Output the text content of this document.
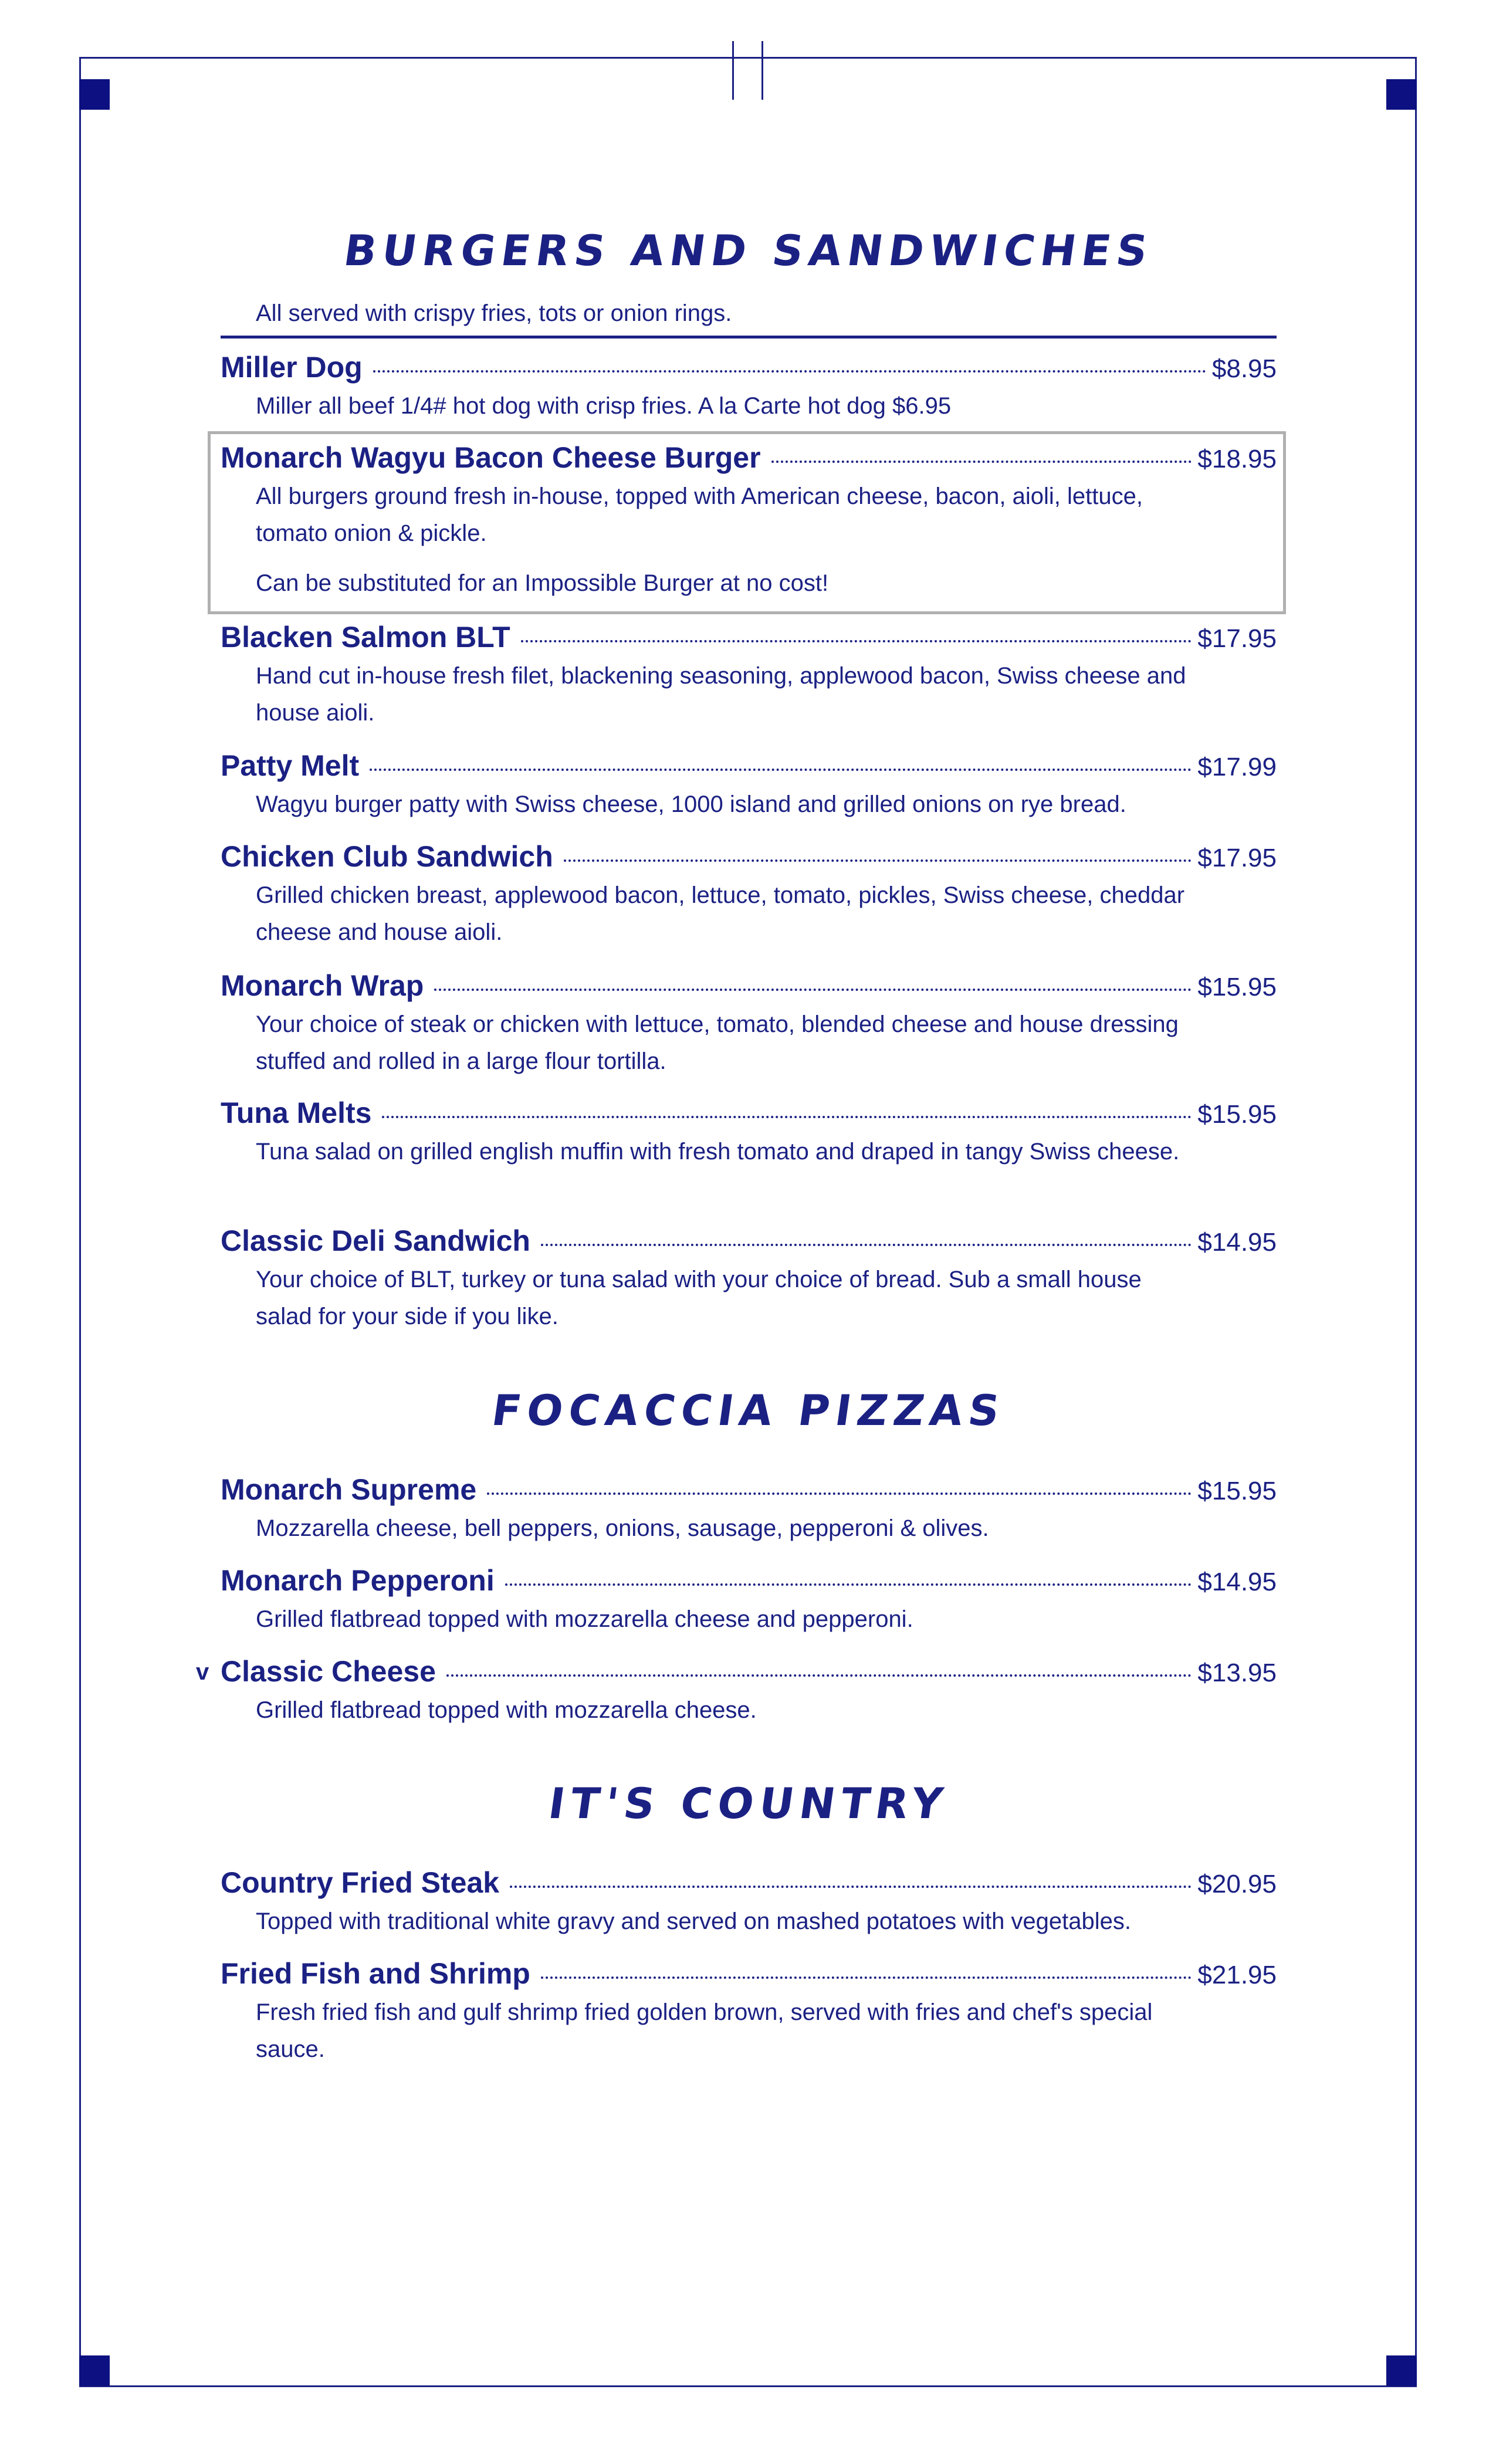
BURGERS AND SANDWICHES
All served with crispy fries, tots or onion rings.
Miller Dog	$8.95

Miller all beef 1/4# hot dog with crisp fries. A la Carte hot dog $6.95

Monarch Wagyu Bacon Cheese Burger	$18.95

All burgers ground fresh in-house, topped with American cheese, bacon, aioli, lettuce, tomato onion & pickle.

Can be substituted for an Impossible Burger at no cost!

Blacken Salmon BLT	$17.95

Hand cut in-house fresh filet, blackening seasoning, applewood bacon, Swiss cheese and house aioli.

Patty Melt	$17.99

Wagyu burger patty with Swiss cheese, 1000 island and grilled onions on rye bread.

Chicken Club Sandwich	$17.95

Grilled chicken breast, applewood bacon, lettuce, tomato, pickles, Swiss cheese, cheddar cheese and house aioli.

Monarch Wrap	$15.95

Your choice of steak or chicken with lettuce, tomato, blended cheese and house dressing stuffed and rolled in a large flour tortilla.

Tuna Melts	$15.95

Tuna salad on grilled english muffin with fresh tomato and draped in tangy Swiss cheese.

Classic Deli Sandwich	$14.95

Your choice of BLT, turkey or tuna salad with your choice of bread. Sub a small house salad for your side if you like.

FOCACCIA PIZZAS
Monarch Supreme	$15.95

Mozzarella cheese, bell peppers, onions, sausage, pepperoni & olives.

Monarch Pepperoni	$14.95

Grilled flatbread topped with mozzarella cheese and pepperoni.

v Classic Cheese	$13.95

Grilled flatbread topped with mozzarella cheese.

IT'S COUNTRY
Country Fried Steak	$20.95

Topped with traditional white gravy and served on mashed potatoes with vegetables.

Fried Fish and Shrimp	$21.95

Fresh fried fish and gulf shrimp fried golden brown, served with fries and chef's special sauce.
